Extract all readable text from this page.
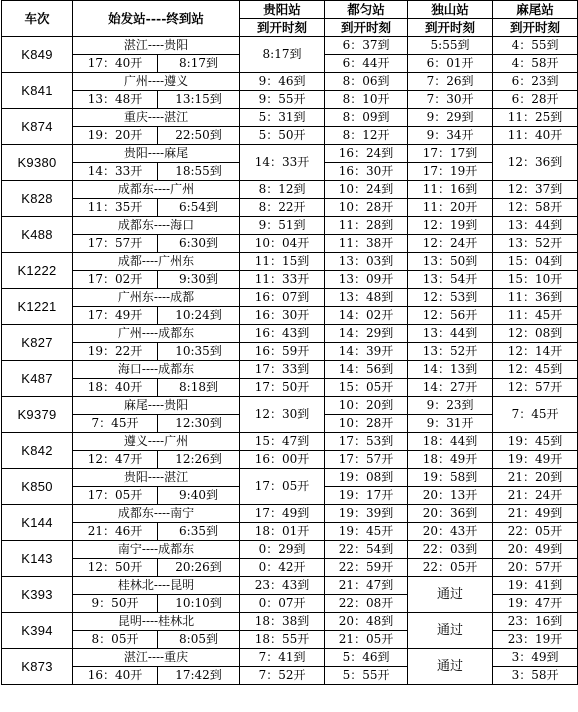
车次	始发站----终到站		贵阳站	都匀站	独山站	麻尾站
			到开时刻	到开时刻	到开时刻	到开时刻
K849	湛江----贵阳		8:17到	6：37到	5:55到	4：55到
	17：40开	8:17到		6：44开	6：01开	4：58开
K841	广州----遵义		9：46到	8：06到	7：26到	6：23到
	13：48开	13:15到	9：55开	8：10开	7：30开	6：28开
K874	重庆----湛江		5：31到	8：09到	9：29到	11：25到
	19：20开	22:50到	5：50开	8：12开	9：34开	11：40开
K9380	贵阳----麻尾		14：33开	16：24到	17：17到	12：36到
	14：33开	18:55到		16：30开	17：19开	
K828	成都东----广州		8：12到	10：24到	11：16到	12：37到
	11：35开	6:54到	8：22开	10：28开	11：20开	12：58开
K488	成都东----海口		9：51到	11：28到	12：19到	13：44到
	17：57开	6:30到	10：04开	11：38开	12：24开	13：52开
K1222	成都----广州东		11：15到	13：03到	13：50到	15：04到
	17：02开	9:30到	11：33开	13：09开	13：54开	15：10开
K1221	广州东----成都		16：07到	13：48到	12：53到	11：36到
	17：49开	10:24到	16：30开	14：02开	12：56开	11：45开
K827	广州----成都东		16：43到	14：29到	13：44到	12：08到
	19：22开	10:35到	16：59开	14：39开	13：52开	12：14开
K487	海口----成都东		17：33到	14：56到	14：13到	12：45到
	18：40开	8:18到	17：50开	15：05开	14：27开	12：57开
K9379	麻尾----贵阳		12：30到	10：20到	9：23到	7：45开
	7：45开	12:30到		10：28开	9：31开	
K842	遵义----广州		15：47到	17：53到	18：44到	19：45到
	12：47开	12:26到	16：00开	17：57开	18：49开	19：49开
K850	贵阳----湛江		17：05开	19：08到	19：58到	21：20到
	17：05开	9:40到		19：17开	20：13开	21：24开
K144	成都东----南宁		17：49到	19：39到	20：36到	21：49到
	21：46开	6:35到	18：01开	19：45开	20：43开	22：05开
K143	南宁----成都东		0：29到	22：54到	22：03到	20：49到
	12：50开	20:26到	0：42开	22：59开	22：05开	20：57开
K393	桂林北----昆明		23：43到	21：47到	通过	19：41到
	9：50开	10:10到	0：07开	22：08开		19：47开
K394	昆明----桂林北		18：38到	20：48到	通过	23：16到
	8：05开	8:05到	18：55开	21：05开		23：19开
K873	湛江----重庆		7：41到	5：46到	通过	3：49到
	16：40开	17:42到	7：52开	5：55开		3：58开
